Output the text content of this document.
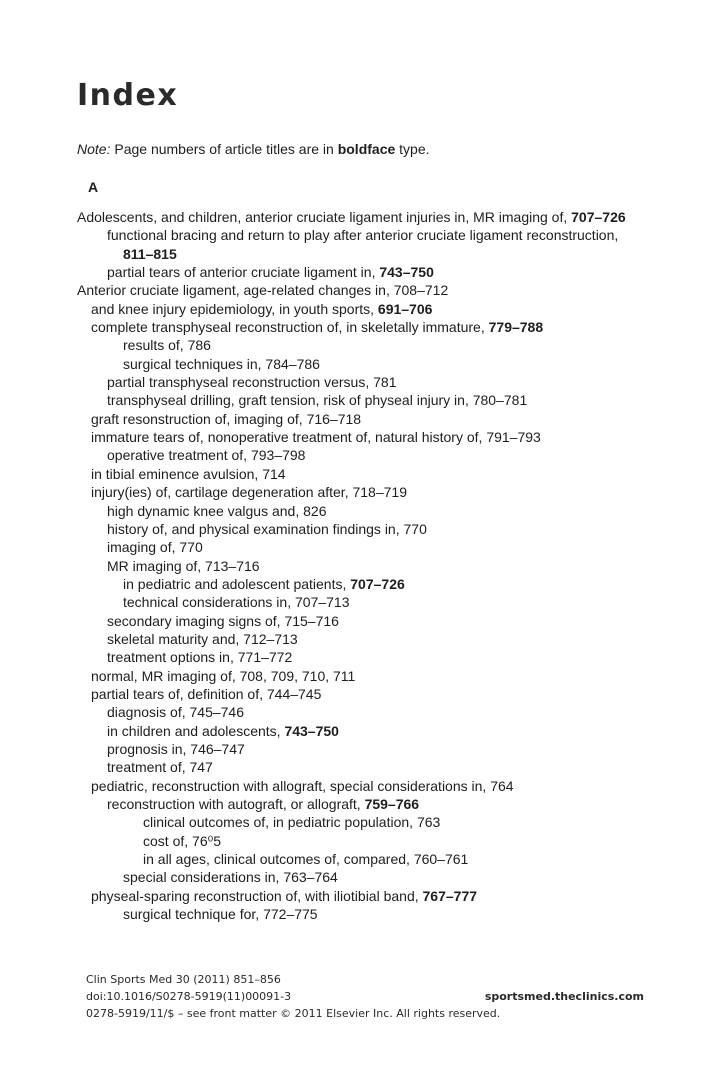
Index
Note: Page numbers of article titles are in boldface type.
A
Adolescents, and children, anterior cruciate ligament injuries in, MR imaging of, 707–726
functional bracing and return to play after anterior cruciate ligament reconstruction, 811–815
partial tears of anterior cruciate ligament in, 743–750
Anterior cruciate ligament, age-related changes in, 708–712
and knee injury epidemiology, in youth sports, 691–706
complete transphyseal reconstruction of, in skeletally immature, 779–788
results of, 786
surgical techniques in, 784–786
partial transphyseal reconstruction versus, 781
transphyseal drilling, graft tension, risk of physeal injury in, 780–781
graft resonstruction of, imaging of, 716–718
immature tears of, nonoperative treatment of, natural history of, 791–793
operative treatment of, 793–798
in tibial eminence avulsion, 714
injury(ies) of, cartilage degeneration after, 718–719
high dynamic knee valgus and, 826
history of, and physical examination findings in, 770
imaging of, 770
MR imaging of, 713–716
in pediatric and adolescent patients, 707–726
technical considerations in, 707–713
secondary imaging signs of, 715–716
skeletal maturity and, 712–713
treatment options in, 771–772
normal, MR imaging of, 708, 709, 710, 711
partial tears of, definition of, 744–745
diagnosis of, 745–746
in children and adolescents, 743–750
prognosis in, 746–747
treatment of, 747
pediatric, reconstruction with allograft, special considerations in, 764
reconstruction with autograft, or allograft, 759–766
clinical outcomes of, in pediatric population, 763
cost of, 76⁰5
in all ages, clinical outcomes of, compared, 760–761
special considerations in, 763–764
physeal-sparing reconstruction of, with iliotibial band, 767–777
surgical technique for, 772–775
Clin Sports Med 30 (2011) 851–856
doi:10.1016/S0278-5919(11)00091-3	sportsmed.theclinics.com
0278-5919/11/$ – see front matter © 2011 Elsevier Inc. All rights reserved.
